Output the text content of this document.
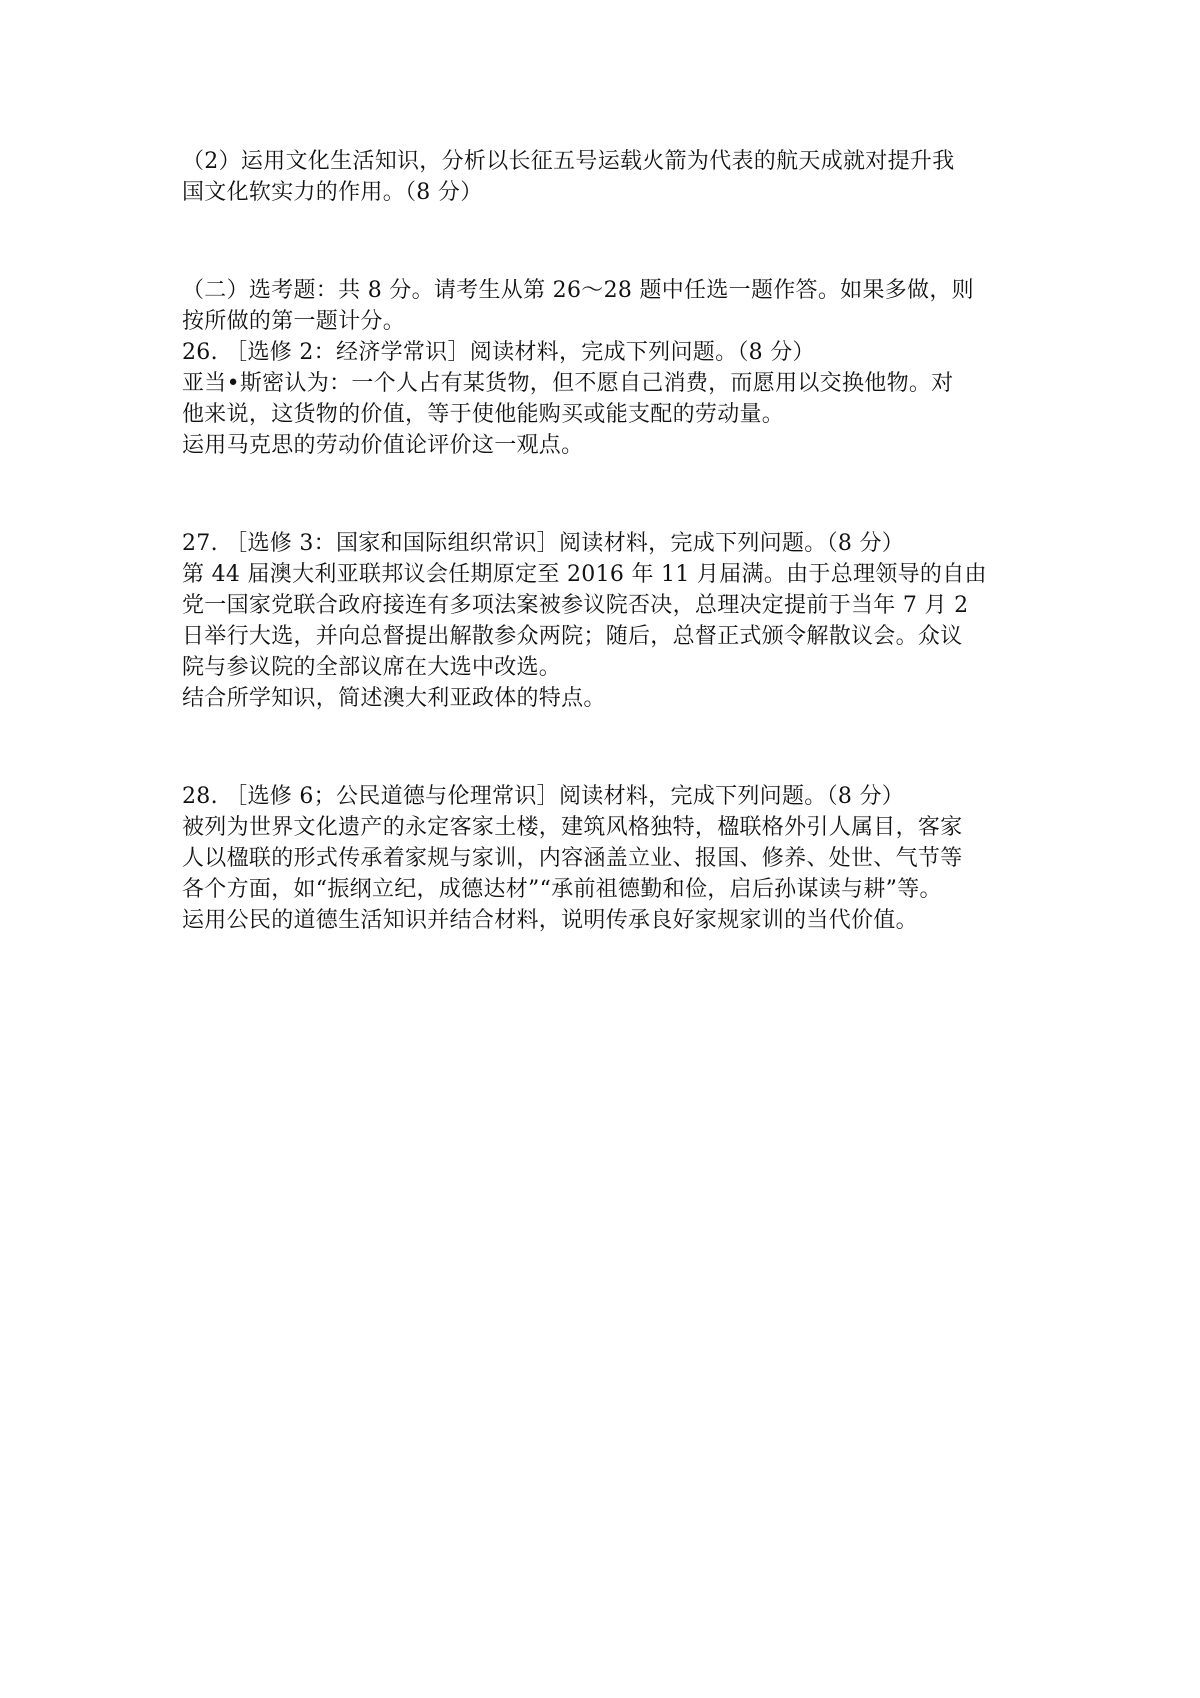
（2）运用文化生活知识，分析以长征五号运载火箭为代表的航天成就对提升我
国文化软实力的作用。（8 分）
（二）选考题：共 8 分。请考生从第 26～28 题中任选一题作答。如果多做，则
按所做的第一题计分。
26. ［选修 2：经济学常识］阅读材料，完成下列问题。（8 分）
亚当•斯密认为：一个人占有某货物，但不愿自己消费，而愿用以交换他物。对
他来说，这货物的价值，等于使他能购买或能支配的劳动量。
运用马克思的劳动价值论评价这一观点。
27. ［选修 3：国家和国际组织常识］阅读材料，完成下列问题。（8 分）
第 44 届澳大利亚联邦议会任期原定至 2016 年 11 月届满。由于总理领导的自由
党一国家党联合政府接连有多项法案被参议院否决，总理决定提前于当年 7 月 2
日举行大选，并向总督提出解散参众两院；随后，总督正式颁令解散议会。众议
院与参议院的全部议席在大选中改选。
结合所学知识，简述澳大利亚政体的特点。
28. ［选修 6；公民道德与伦理常识］阅读材料，完成下列问题。（8 分）
被列为世界文化遗产的永定客家土楼，建筑风格独特，楹联格外引人属目，客家
人以楹联的形式传承着家规与家训，内容涵盖立业、报国、修养、处世、气节等
各个方面，如“振纲立纪，成德达材”“承前祖德勤和俭，启后孙谋读与耕”等。
运用公民的道德生活知识并结合材料，说明传承良好家规家训的当代价值。
